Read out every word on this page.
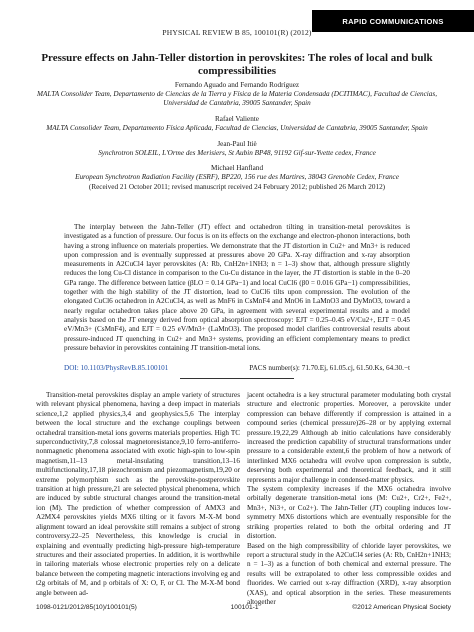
RAPID COMMUNICATIONS
PHYSICAL REVIEW B 85, 100101(R) (2012)
Pressure effects on Jahn-Teller distortion in perovskites: The roles of local and bulk compressibilities
Fernando Aguado and Fernando Rodríguez
MALTA Consolider Team, Departamento de Ciencias de la Tierra y Física de la Materia Condensada (DCITIMAC), Facultad de Ciencias, Universidad de Cantabria, 39005 Santander, Spain
Rafael Valiente
MALTA Consolider Team, Departamento Física Aplicada, Facultad de Ciencias, Universidad de Cantabria, 39005 Santander, Spain
Jean-Paul Itiè
Synchrotron SOLEIL, L'Orme des Merisiers, St Aubin BP48, 91192 Gif-sur-Yvette cedex, France
Michael Hanfland
European Synchrotron Radiation Facility (ESRF), BP220, 156 rue des Martires, 38043 Grenoble Cedex, France
(Received 21 October 2011; revised manuscript received 24 February 2012; published 26 March 2012)

The interplay between the Jahn-Teller (JT) effect and octahedron tilting in transition-metal perovskites is investigated as a function of pressure. Our focus is on its effects on the exchange and electron-phonon interactions, both having a strong influence on materials properties. We demonstrate that the JT distortion in Cu2+ and Mn3+ is reduced upon compression and is eventually suppressed at pressures above 20 GPa. X-ray diffraction and x-ray absorption measurements in A2CuCl4 layer perovskites (A: Rb, CnH2n+1NH3; n = 1–3) show that, although pressure slightly reduces the long Cu-Cl distance in comparison to the Cu-Cu distance in the layer, the JT distortion is stable in the 0–20 GPa range. The difference between lattice (βLO = 0.14 GPa−1) and local CuCl6 (β0 = 0.016 GPa−1) compressibilities, together with the high stability of the JT distortion, lead to CuCl6 tilts upon compression. The evolution of the elongated CuCl6 octahedron in A2CuCl4, as well as MnF6 in CsMnF4 and MnO6 in LaMnO3 and DyMnO3, toward a nearly regular octahedron takes place above 20 GPa, in agreement with several experimental results and a model analysis based on the JT energy derived from optical absorption spectroscopy: EJT = 0.25–0.45 eV/Cu2+, EJT = 0.45 eV/Mn3+ (CsMnF4), and EJT = 0.25 eV/Mn3+ (LaMnO3). The proposed model clarifies controversial results about pressure-induced JT quenching in Cu2+ and Mn3+ systems, providing an efficient complementary means to predict pressure behavior in perovskites containing JT transition-metal ions.

DOI: 10.1103/PhysRevB.85.100101	PACS number(s): 71.70.Ej, 61.05.cj, 61.50.Ks, 64.30.−t

Transition-metal perovskites display an ample variety of structures with relevant physical phenomena, having a deep impact in materials science,1,2 applied physics,3,4 and geophysics.5,6 The interplay between the local structure and the exchange couplings between octahedral transition-metal ions governs materials properties. High TC superconductivity,7,8 colossal magnetoresistance,9,10 ferro-antiferro-nonmagnetic phenomena associated with exotic high-spin to low-spin magnetism,11–13 metal-insulating transition,13–16 multifunctionality,17,18 piezochromism and piezomagnetism,19,20 or extreme polymorphism such as the perovskite-postperovskite transition at high pressure,21 are selected physical phenomena, which are induced by subtle structural changes around the transition-metal ion (M). The prediction of whether compression of AMX3 and A2MX4 perovskites yields MX6 tilting or it favors M-X-M bond alignment toward an ideal perovskite still remains a subject of strong controversy.22–25 Nevertheless, this knowledge is crucial in explaining and eventually predicting high-pressure high-temperature structures and their associated properties. In addition, it is worthwhile in tailoring materials whose electronic properties rely on a delicate balance between the competing magnetic interactions involving eg and t2g orbitals of M, and p orbitals of X: O, F, or Cl. The M-X-M bond angle between ad-

jacent octahedra is a key structural parameter modulating both crystal structure and electronic properties. Moreover, a perovskite under compression can behave differently if compression is attained in a compound series (chemical pressure)26–28 or by applying external pressure.19,22,29 Although ab initio calculations have considerably increased the prediction capability of structural transformations under pressure to a considerable extent,6 the problem of how a network of interlinked MX6 octahedra will evolve upon compression is subtle, deserving both experimental and theoretical feedback, and it still represents a major challenge in condensed-matter physics.
The system complexity increases if the MX6 octahedra involve orbitally degenerate transition-metal ions (M: Cu2+, Cr2+, Fe2+, Mn3+, Ni3+, or Co2+). The Jahn-Teller (JT) coupling induces low-symmetry MX6 distortions which are eventually responsible for the striking properties related to both the orbital ordering and JT distortion.
Based on the high compressibility of chloride layer perovskites, we report a structural study in the A2CuCl4 series (A: Rb, CnH2n+1NH3; n = 1–3) as a function of both chemical and external pressure. The results will be extrapolated to other less compressible oxides and fluorides. We carried out x-ray diffraction (XRD), x-ray absorption (XAS), and optical absorption in the series. These measurements altogether

1098-0121/2012/85(10)/100101(5)	100101-1	©2012 American Physical Society
